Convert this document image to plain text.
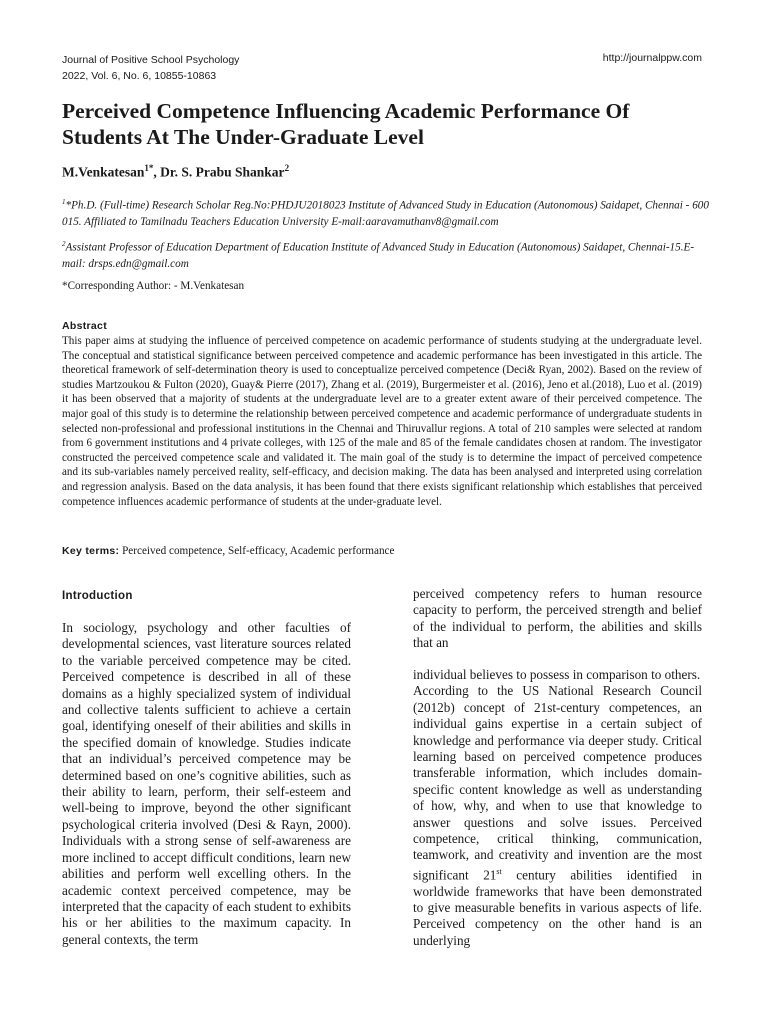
Journal of Positive School Psychology
2022, Vol. 6, No. 6, 10855-10863
http://journalppw.com
Perceived Competence Influencing Academic Performance Of Students At The Under-Graduate Level
M.Venkatesan$^{1*}$, Dr. S. Prabu Shankar$^2$

$^1$*Ph.D. (Full-time) Research Scholar Reg.No:PHDJU2018023 Institute of Advanced Study in Education (Autonomous) Saidapet, Chennai - 600 015. Affiliated to Tamilnadu Teachers Education University E-mail:aaravamuthanv8@gmail.com

$^2$Assistant Professor of Education Department of Education Institute of Advanced Study in Education (Autonomous) Saidapet, Chennai-15.E-mail: drsps.edn@gmail.com

*Corresponding Author: - M.Venkatesan
Abstract

This paper aims at studying the influence of perceived competence on academic performance of students studying at the undergraduate level. The conceptual and statistical significance between perceived competence and academic performance has been investigated in this article. The theoretical framework of self-determination theory is used to conceptualize perceived competence (Deci& Ryan, 2002). Based on the review of studies Martzoukou & Fulton (2020), Guay& Pierre (2017), Zhang et al. (2019), Burgermeister et al. (2016), Jeno et al.(2018), Luo et al. (2019) it has been observed that a majority of students at the undergraduate level are to a greater extent aware of their perceived competence. The major goal of this study is to determine the relationship between perceived competence and academic performance of undergraduate students in selected non-professional and professional institutions in the Chennai and Thiruvallur regions. A total of 210 samples were selected at random from 6 government institutions and 4 private colleges, with 125 of the male and 85 of the female candidates chosen at random. The investigator constructed the perceived competence scale and validated it. The main goal of the study is to determine the impact of perceived competence and its sub-variables namely perceived reality, self-efficacy, and decision making. The data has been analysed and interpreted using correlation and regression analysis. Based on the data analysis, it has been found that there exists significant relationship which establishes that perceived competence influences academic performance of students at the under-graduate level.

Key terms: Perceived competence, Self-efficacy, Academic performance
Introduction

In sociology, psychology and other faculties of developmental sciences, vast literature sources related to the variable perceived competence may be cited. Perceived competence is described in all of these domains as a highly specialized system of individual and collective talents sufficient to achieve a certain goal, identifying oneself of their abilities and skills in the specified domain of knowledge. Studies indicate that an individual’s perceived competence may be determined based on one’s cognitive abilities, such as their ability to learn, perform, their self-esteem and well-being to improve, beyond the other significant psychological criteria involved (Desi & Rayn, 2000). Individuals with a strong sense of self-awareness are more inclined to accept difficult conditions, learn new abilities and perform well excelling others. In the academic context perceived competence, may be interpreted that the capacity of each student to exhibits his or her abilities to the maximum capacity. In general contexts, the term

perceived competency refers to human resource capacity to perform, the perceived strength and belief of the individual to perform, the abilities and skills that an

individual believes to possess in comparison to others.

According to the US National Research Council (2012b) concept of 21st-century competences, an individual gains expertise in a certain subject of knowledge and performance via deeper study. Critical learning based on perceived competence produces transferable information, which includes domain-specific content knowledge as well as understanding of how, why, and when to use that knowledge to answer questions and solve issues. Perceived competence, critical thinking, communication, teamwork, and creativity and invention are the most significant 21st century abilities identified in worldwide frameworks that have been demonstrated to give measurable benefits in various aspects of life. Perceived competency on the other hand is an underlying
